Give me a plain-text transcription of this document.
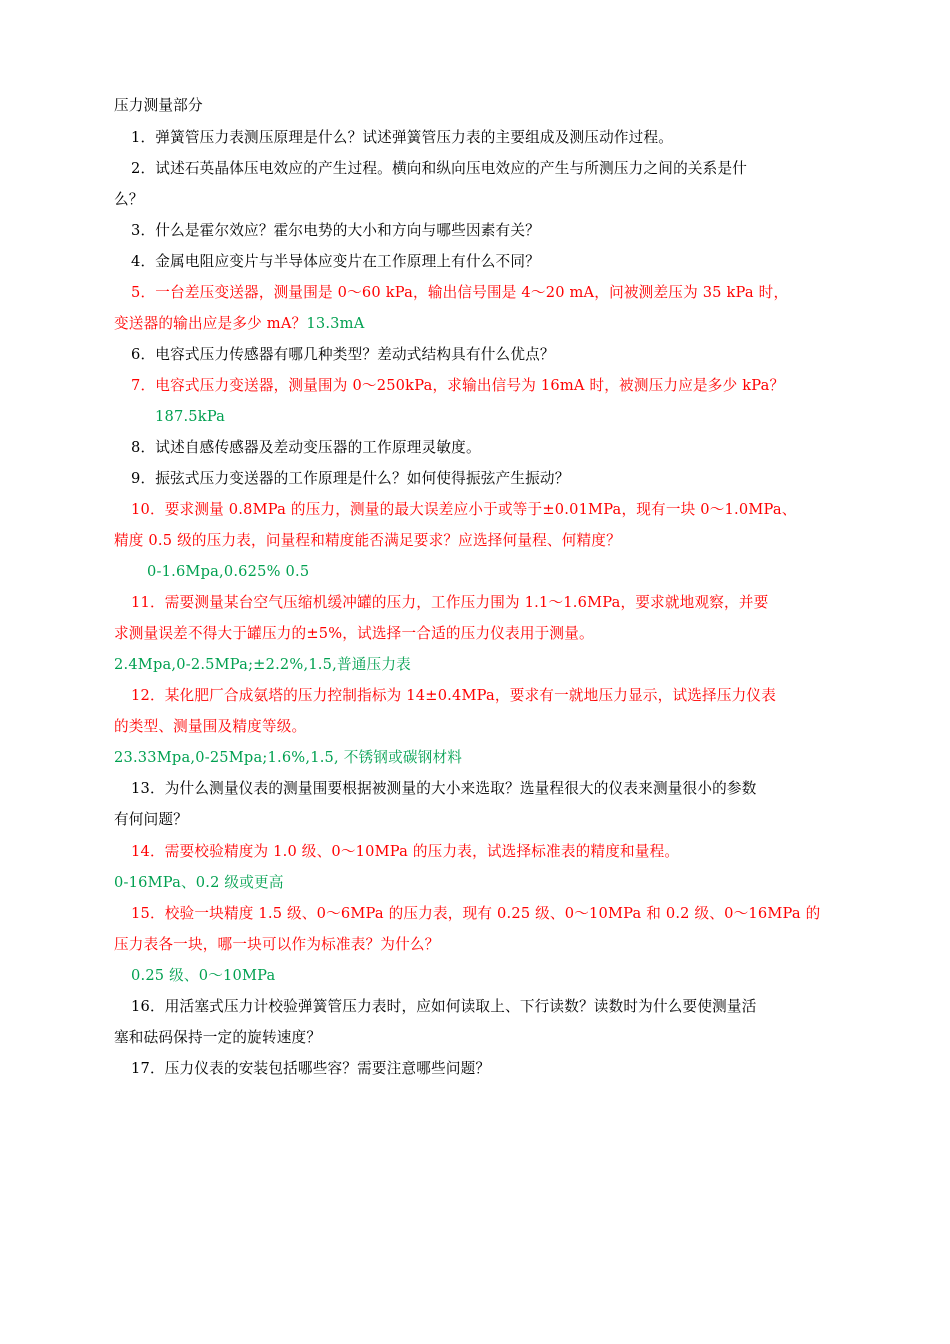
压力测量部分

1．弹簧管压力表测压原理是什么？试述弹簧管压力表的主要组成及测压动作过程。

2．试述石英晶体压电效应的产生过程。横向和纵向压电效应的产生与所测压力之间的关系是什

么？

3．什么是霍尔效应？霍尔电势的大小和方向与哪些因素有关？

4．金属电阻应变片与半导体应变片在工作原理上有什么不同？

5．一台差压变送器，测量围是 0～60 kPa，输出信号围是 4～20 mA，问被测差压为 35 kPa 时，

变送器的输出应是多少 mA？13.3mA

6．电容式压力传感器有哪几种类型？差动式结构具有什么优点？

7．电容式压力变送器，测量围为 0～250kPa，求输出信号为 16mA 时，被测压力应是多少 kPa？

187.5kPa

8．试述自感传感器及差动变压器的工作原理灵敏度。

9．振弦式压力变送器的工作原理是什么？如何使得振弦产生振动？

10．要求测量 0.8MPa 的压力，测量的最大误差应小于或等于±0.01MPa，现有一块 0～1.0MPa、

精度 0.5 级的压力表，问量程和精度能否满足要求？应选择何量程、何精度？

0-1.6Mpa,0.625% 0.5

11．需要测量某台空气压缩机缓冲罐的压力，工作压力围为 1.1～1.6MPa，要求就地观察，并要

求测量误差不得大于罐压力的±5%，试选择一合适的压力仪表用于测量。

2.4Mpa,0-2.5MPa;±2.2%,1.5,普通压力表

12．某化肥厂合成氨塔的压力控制指标为 14±0.4MPa，要求有一就地压力显示，试选择压力仪表

的类型、测量围及精度等级。

23.33Mpa,0-25Mpa;1.6%,1.5, 不锈钢或碳钢材料

13．为什么测量仪表的测量围要根据被测量的大小来选取？选量程很大的仪表来测量很小的参数

有何问题？

14．需要校验精度为 1.0 级、0～10MPa 的压力表，试选择标准表的精度和量程。

0-16MPa、0.2 级或更高

15．校验一块精度 1.5 级、0～6MPa 的压力表，现有 0.25 级、0～10MPa 和 0.2 级、0～16MPa 的

压力表各一块，哪一块可以作为标准表？为什么？

0.25 级、0～10MPa

16．用活塞式压力计校验弹簧管压力表时，应如何读取上、下行读数？读数时为什么要使测量活

塞和砝码保持一定的旋转速度？

17．压力仪表的安装包括哪些容？需要注意哪些问题？
